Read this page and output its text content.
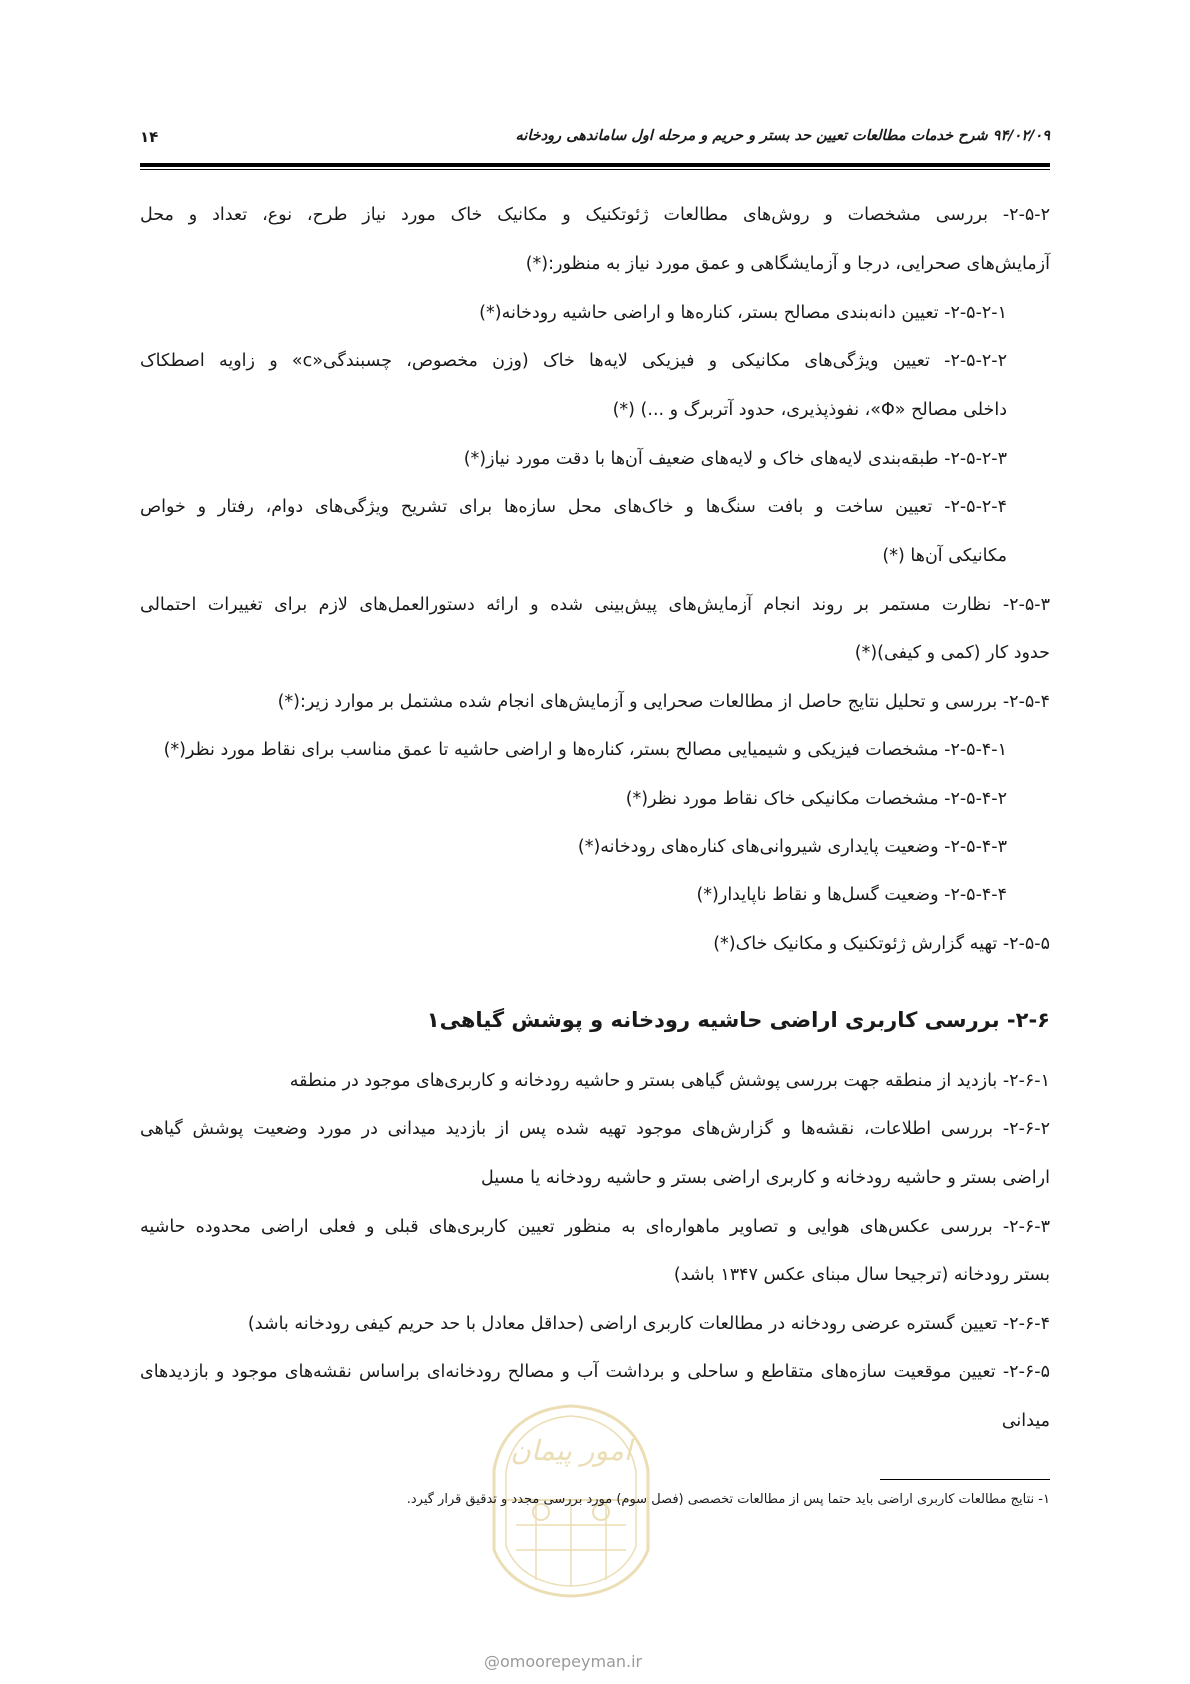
۹۴/۰۲/۰۹ شرح خدمات مطالعات تعیین حد بستر و حریم و مرحله اول ساماندهی رودخانه
۱۴
۲-۵-۲- بررسی مشخصات و روش‌های مطالعات ژئوتکنیک و مکانیک خاک مورد نیاز طرح، نوع، تعداد و محل
آزمایش‌های صحرایی، درجا و آزمایشگاهی و عمق مورد نیاز به منظور:(*)
۲-۵-۲-۱- تعیین دانه‌بندی مصالح بستر، کناره‌ها و اراضی حاشیه رودخانه(*)
۲-۵-۲-۲- تعیین ویژگی‌های مکانیکی و فیزیکی لایه‌ها خاک (وزن مخصوص، چسبندگی«c» و زاویه اصطکاک
داخلی مصالح «Φ»، نفوذپذیری، حدود آتربرگ و ...) (*)
۲-۵-۲-۳- طبقه‌بندی لایه‌های خاک و لایه‌های ضعیف آن‌ها با دقت مورد نیاز(*)
۲-۵-۲-۴- تعیین ساخت و بافت سنگ‌ها و خاک‌های محل سازه‌ها برای تشریح ویژگی‌های دوام، رفتار و خواص
مکانیکی آن‌ها (*)
۲-۵-۳- نظارت مستمر بر روند انجام آزمایش‌های پیش‌بینی شده و ارائه دستورالعمل‌های لازم برای تغییرات احتمالی
حدود کار (کمی و کیفی)(*)
۲-۵-۴- بررسی و تحلیل نتایج حاصل از مطالعات صحرایی و آزمایش‌های انجام شده مشتمل بر موارد زیر:(*)
۲-۵-۴-۱- مشخصات فیزیکی و شیمیایی مصالح بستر، کناره‌ها و اراضی حاشیه تا عمق مناسب برای نقاط مورد نظر(*)
۲-۵-۴-۲- مشخصات مکانیکی خاک نقاط مورد نظر(*)
۲-۵-۴-۳- وضعیت پایداری شیروانی‌های کناره‌های رودخانه(*)
۲-۵-۴-۴- وضعیت گسل‌ها و نقاط ناپایدار(*)
۲-۵-۵- تهیه گزارش ژئوتکنیک و مکانیک خاک(*)
۲-۶- بررسی کاربری اراضی حاشیه رودخانه و پوشش گیاهی۱
۲-۶-۱- بازدید از منطقه جهت بررسی پوشش گیاهی بستر و حاشیه رودخانه و کاربری‌های موجود در منطقه
۲-۶-۲- بررسی اطلاعات، نقشه‌ها و گزارش‌های موجود تهیه شده پس از بازدید میدانی در مورد وضعیت پوشش گیاهی
اراضی بستر و حاشیه رودخانه و کاربری اراضی بستر و حاشیه رودخانه یا مسیل
۲-۶-۳- بررسی عکس‌های هوایی و تصاویر ماهواره‌ای به منظور تعیین کاربری‌های قبلی و فعلی اراضی محدوده حاشیه
بستر رودخانه (ترجیحا سال مبنای عکس ۱۳۴۷ باشد)
۲-۶-۴- تعیین گستره عرضی رودخانه در مطالعات کاربری اراضی (حداقل معادل با حد حریم کیفی رودخانه باشد)
۲-۶-۵- تعیین موقعیت سازه‌های متقاطع و ساحلی و برداشت آب و مصالح رودخانه‌ای براساس نقشه‌های موجود و بازدیدهای
میدانی
امور پیمان
۱- نتایج مطالعات کاربری اراضی باید حتما پس از مطالعات تخصصی (فصل سوم) مورد بررسی مجدد و تدقیق قرار گیرد.
@omoorepeyman.ir
